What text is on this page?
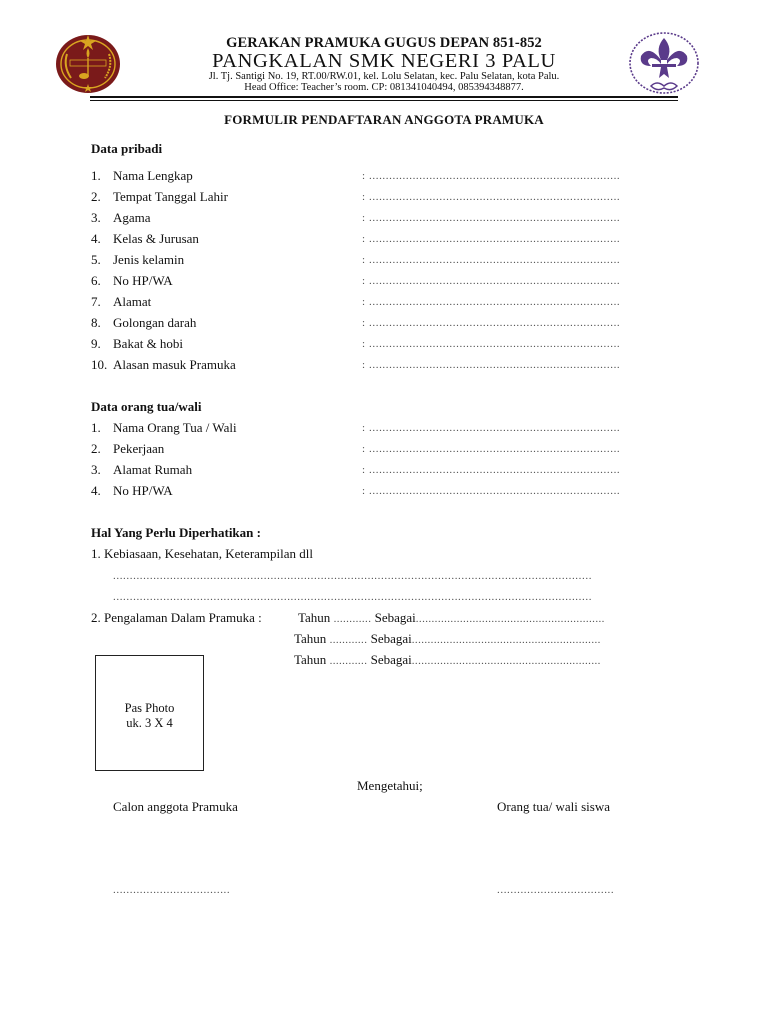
GERAKAN PRAMUKA GUGUS DEPAN 851-852
PANGKALAN SMK NEGERI 3 PALU
Jl. Tj. Santigi No. 19, RT.00/RW.01, kel. Lolu Selatan, kec. Palu Selatan, kota Palu.
Head Office: Teacher’s room. CP: 081341040494, 085394348877.
FORMULIR PENDAFTARAN ANGGOTA PRAMUKA
Data pribadi
1. Nama Lengkap	: ...........................................................................
2. Tempat Tanggal Lahir	: ...........................................................................
3. Agama	: ...........................................................................
4. Kelas & Jurusan	: ...........................................................................
5. Jenis kelamin	: ...........................................................................
6. No HP/WA	: ...........................................................................
7. Alamat	: ...........................................................................
8. Golongan darah	: ...........................................................................
9. Bakat & hobi	: ...........................................................................
10. Alasan masuk Pramuka	: ...........................................................................
Data orang tua/wali
1. Nama Orang Tua / Wali	: ...........................................................................
2. Pekerjaan	: ...........................................................................
3. Alamat Rumah	: ...........................................................................
4. No HP/WA	: ...........................................................................
Hal Yang Perlu Diperhatikan :
1. Kebiasaan, Kesehatan, Keterampilan dll
...............................................................................................................................................
...............................................................................................................................................
2. Pengalaman Dalam Pramuka :	Tahun ............ Sebagai............................................................
Tahun ............ Sebagai............................................................
Tahun ............ Sebagai............................................................
Pas Photo
uk. 3 X 4
Mengetahui;
Calon anggota Pramuka	Orang tua/ wali siswa
...................................	...................................
